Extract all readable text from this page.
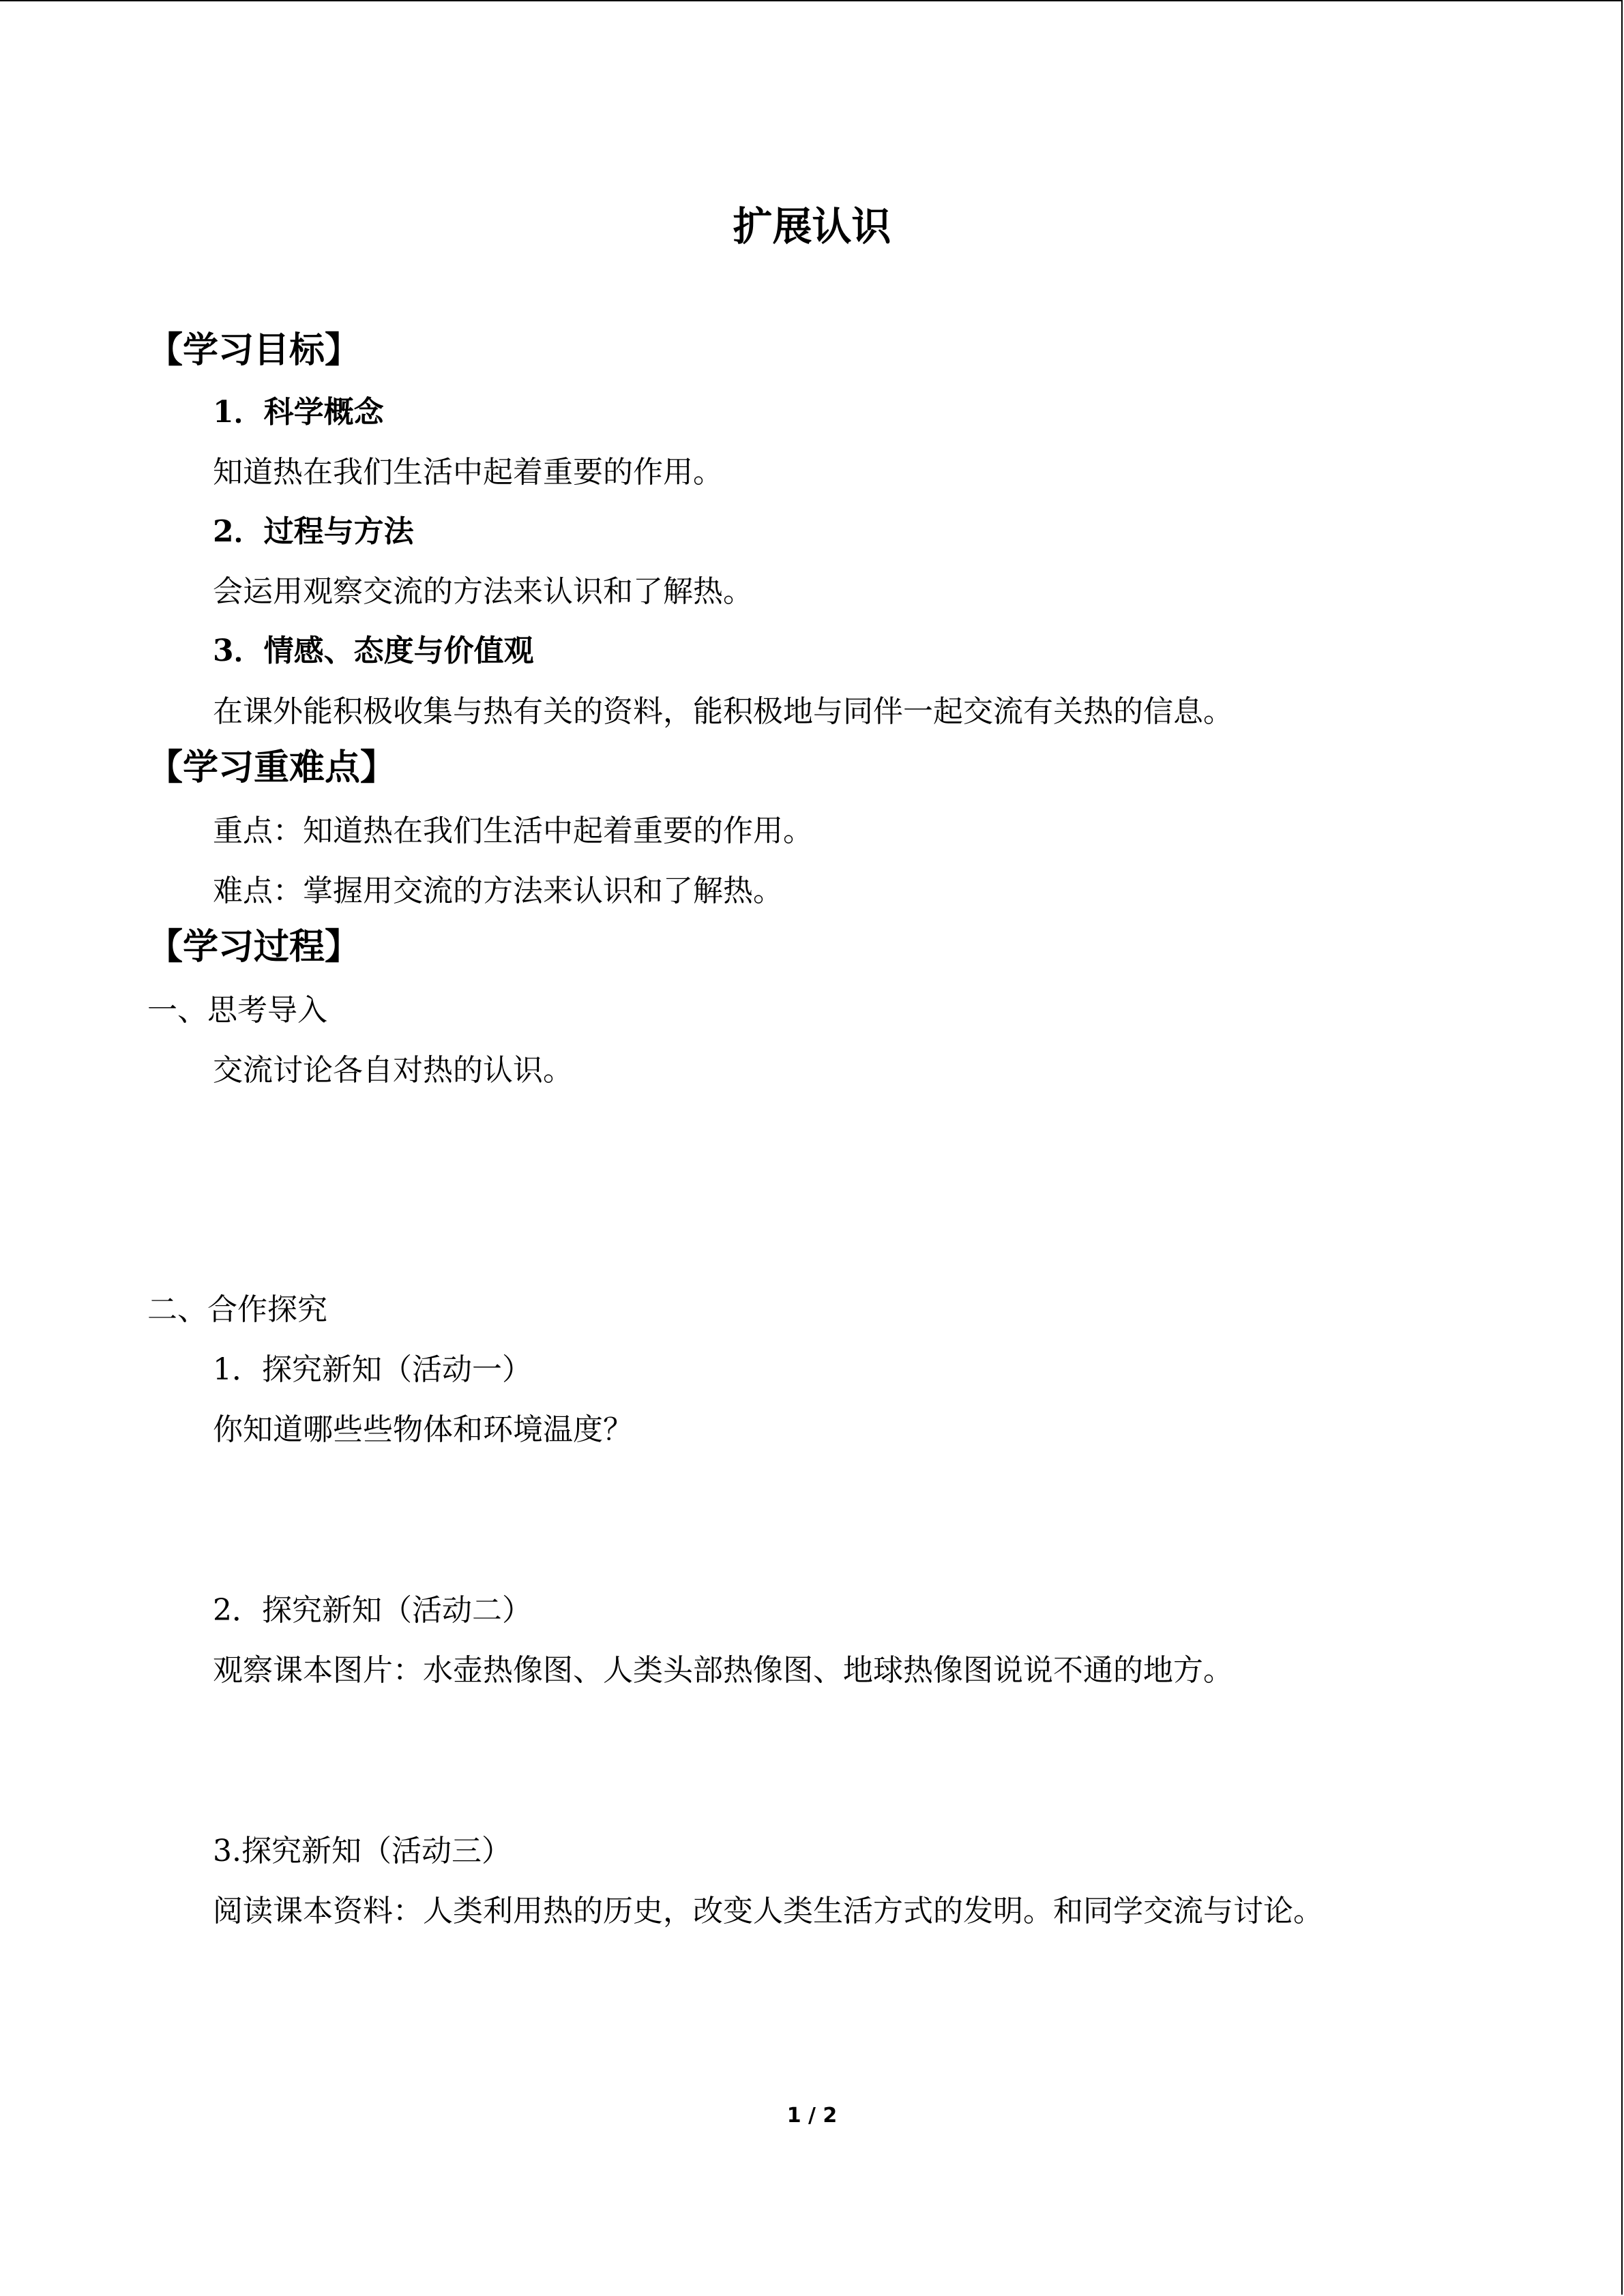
扩展认识
【学习目标】
1．科学概念
知道热在我们生活中起着重要的作用。
2．过程与方法
会运用观察交流的方法来认识和了解热。
3．情感、态度与价值观
在课外能积极收集与热有关的资料，能积极地与同伴一起交流有关热的信息。
【学习重难点】
重点：知道热在我们生活中起着重要的作用。
难点：掌握用交流的方法来认识和了解热。
【学习过程】
一、思考导入
交流讨论各自对热的认识。
二、合作探究
1．探究新知（活动一）
你知道哪些些物体和环境温度？
2．探究新知（活动二）
观察课本图片：水壶热像图、人类头部热像图、地球热像图说说不通的地方。
3.探究新知（活动三）
阅读课本资料：人类利用热的历史，改变人类生活方式的发明。和同学交流与讨论。
1 / 2
